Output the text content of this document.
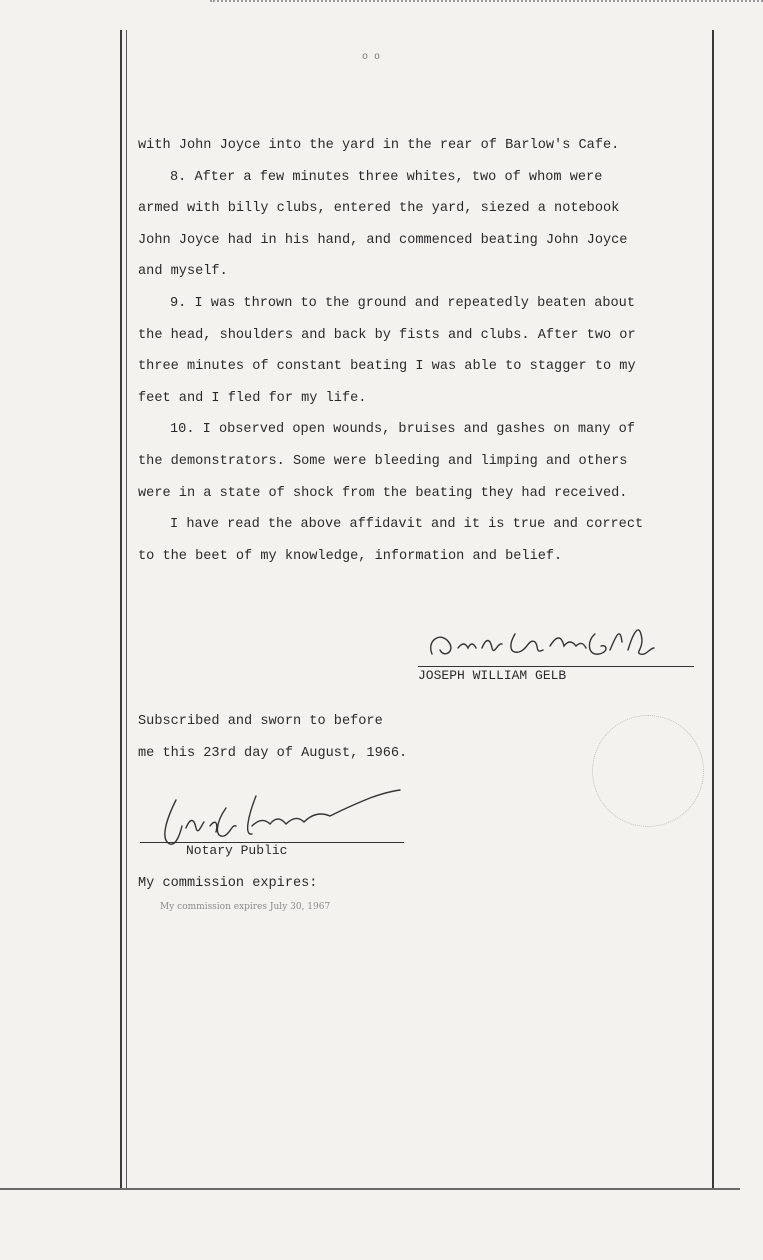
o o

with John Joyce into the yard in the rear of Barlow's Cafe.

8. After a few minutes three whites, two of whom were

armed with billy clubs, entered the yard, siezed a notebook

John Joyce had in his hand, and commenced beating John Joyce

and myself.

9. I was thrown to the ground and repeatedly beaten about

the head, shoulders and back by fists and clubs. After two or

three minutes of constant beating I was able to stagger to my

feet and I fled for my life.

10. I observed open wounds, bruises and gashes on many of

the demonstrators. Some were bleeding and limping and others

were in a state of shock from the beating they had received.

I have read the above affidavit and it is true and correct

to the beet of my knowledge, information and belief.

JOSEPH WILLIAM GELB
Subscribed and sworn to before
me this 23rd day of August, 1966.
Notary Public
My commission expires:
My commission expires July 30, 1967
